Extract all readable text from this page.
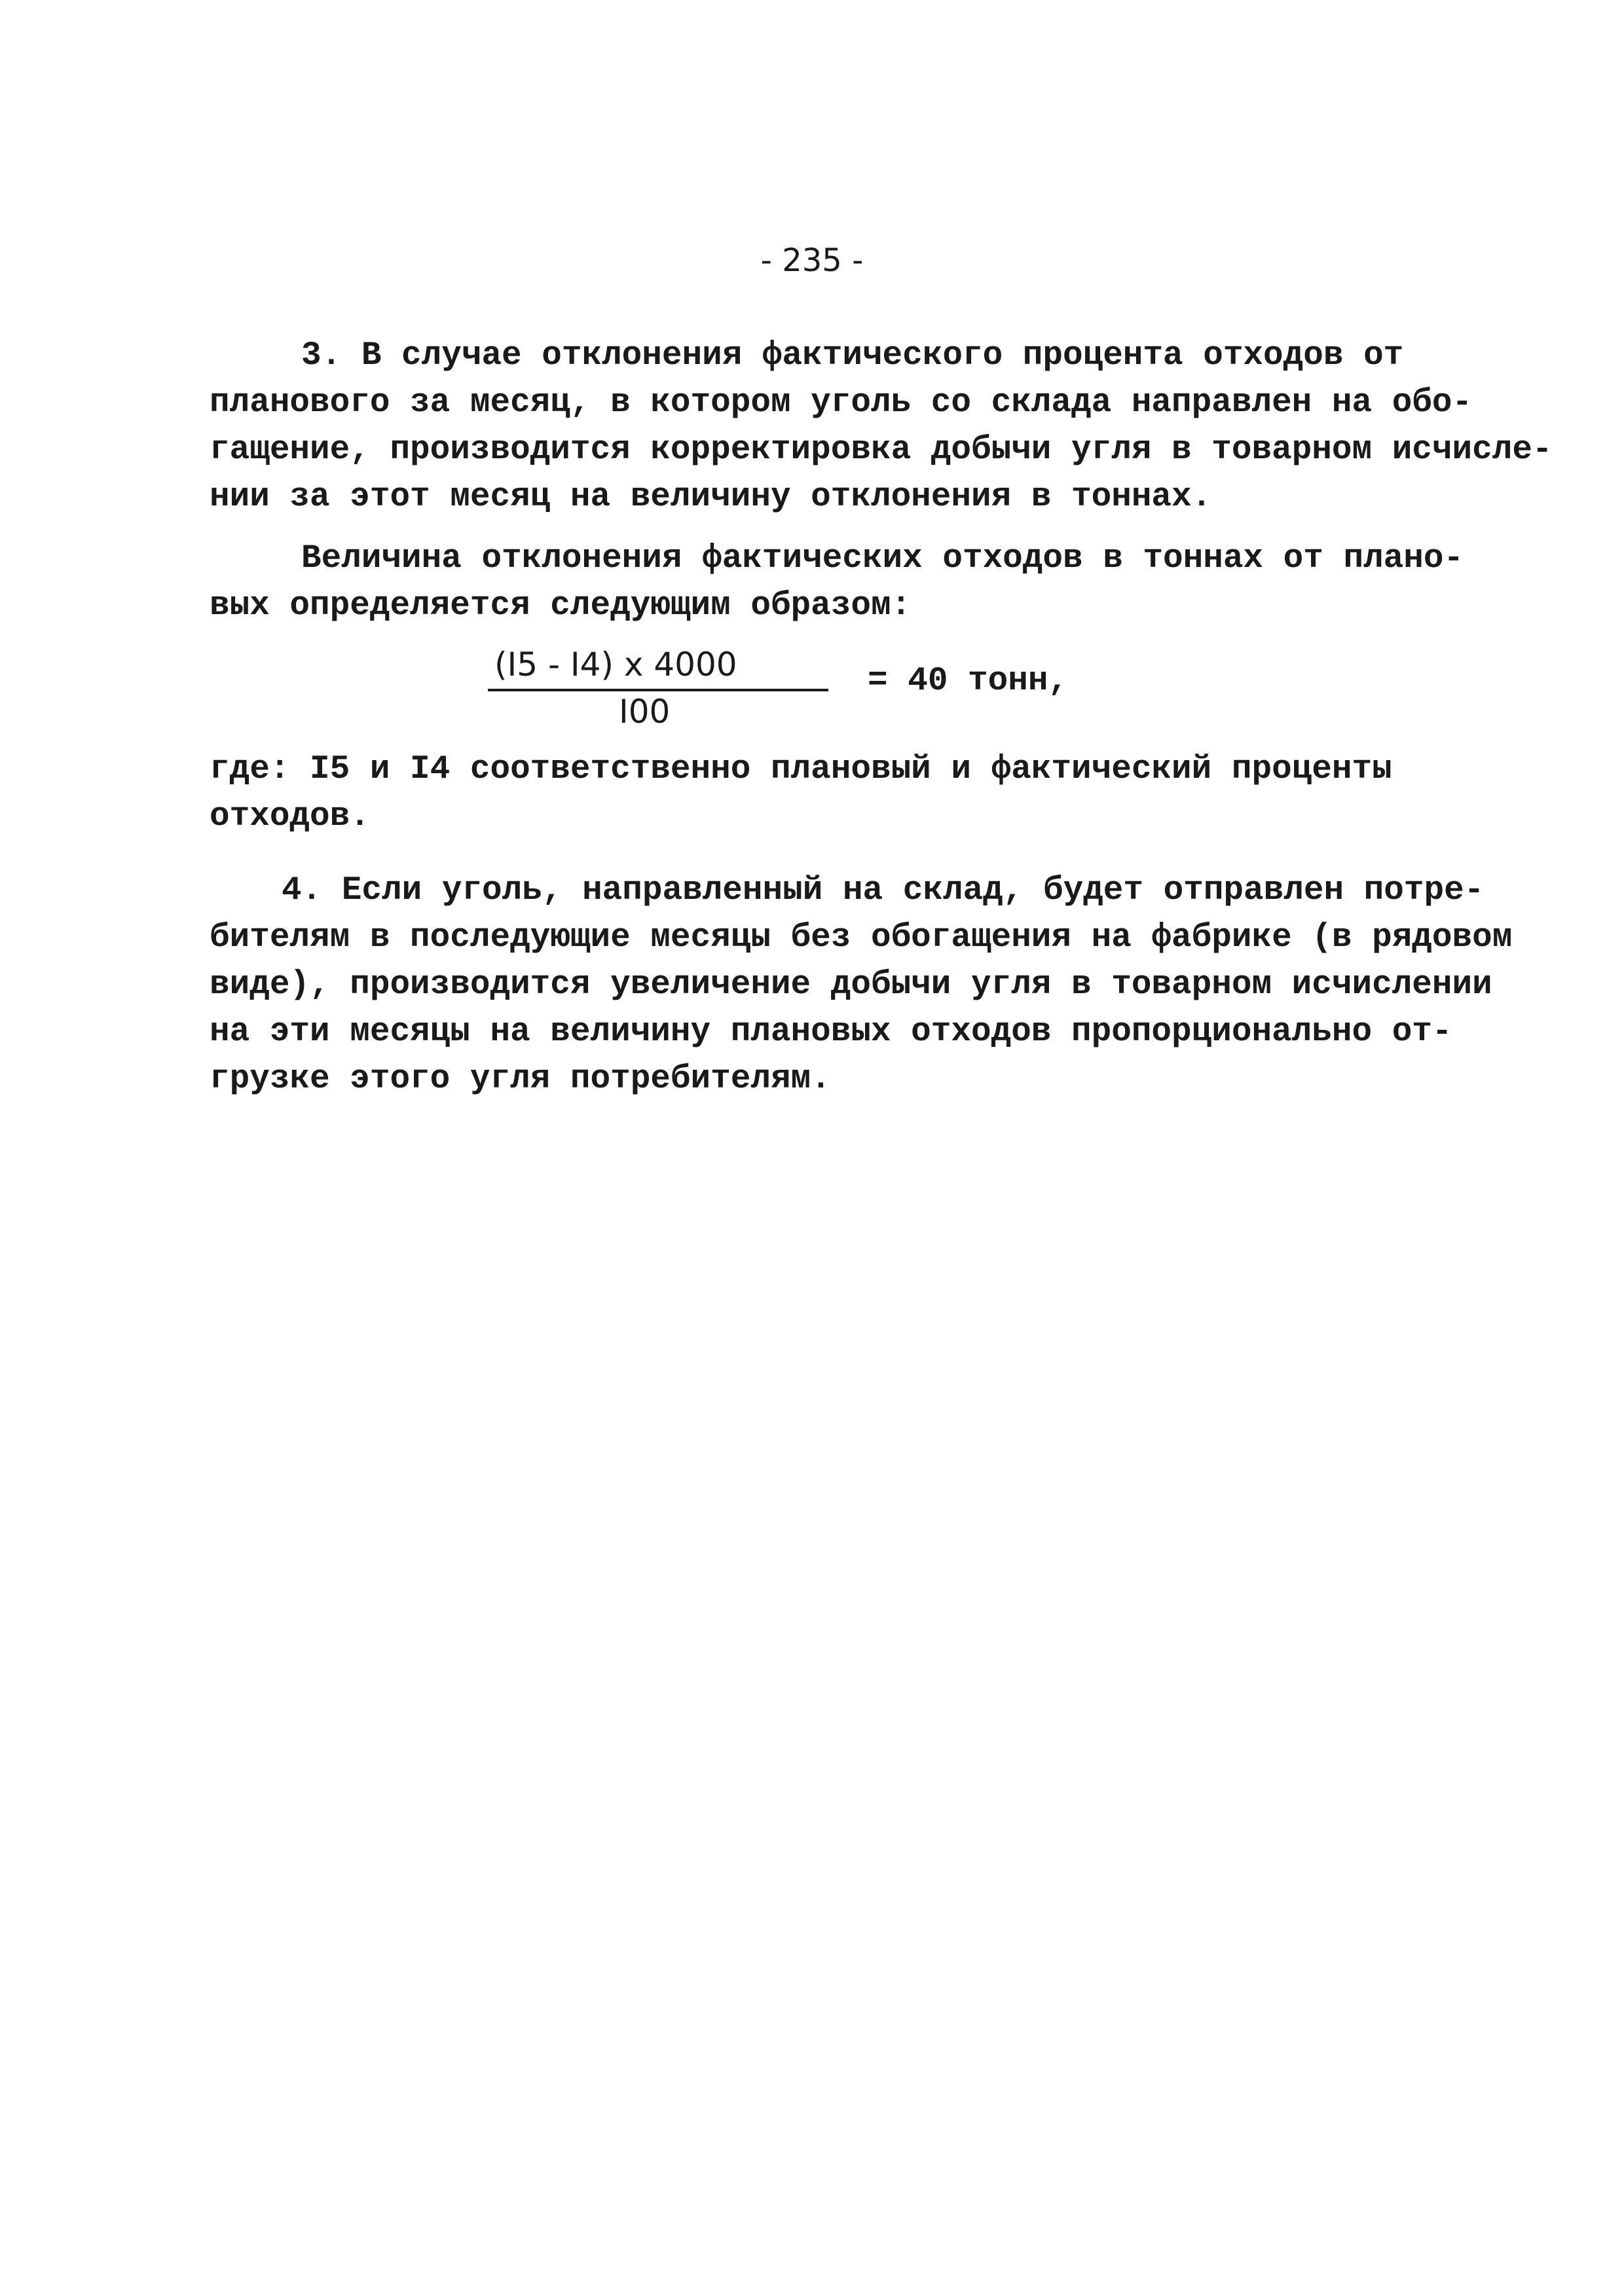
- 235 -
3. В случае отклонения фактического процента отходов от
планового за месяц, в котором уголь со склада направлен на обо-
гащение, производится корректировка добычи угля в товарном исчисле-
нии за этот месяц на величину отклонения в тоннах.
Величина отклонения фактических отходов в тоннах от плано-
вых определяется следующим образом:
(I5 - I4) x 4000
I00
= 40 тонн,
где: I5 и I4 соответственно плановый и фактический проценты
отходов.
4. Если уголь, направленный на склад, будет отправлен потре-
бителям в последующие месяцы без обогащения на фабрике (в рядовом
виде), производится увеличение добычи угля в товарном исчислении
на эти месяцы на величину плановых отходов пропорционально от-
грузке этого угля потребителям.
